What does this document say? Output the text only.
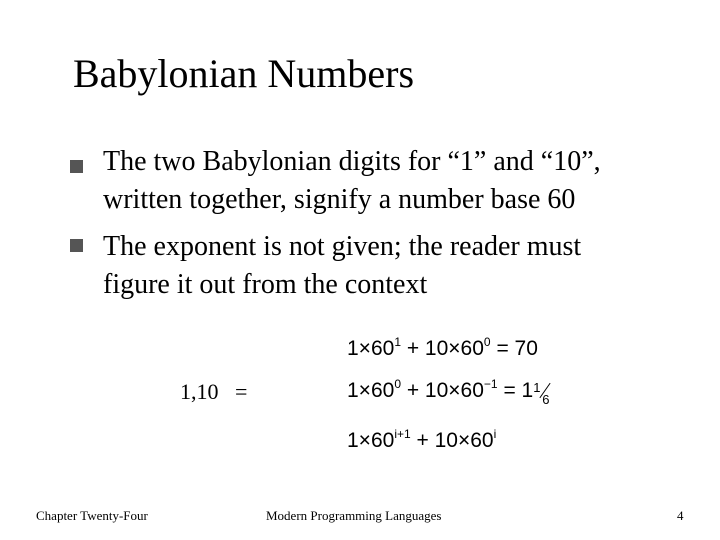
Babylonian Numbers
The two Babylonian digits for “1” and “10”,
written together, signify a number base 60
The exponent is not given; the reader must
figure it out from the context
1,10   =
$1\times 60^1 + 10\times 60^0 = 70$
$1\times 60^0 + 10\times 60^{-1} = 1$ 1
6
$1\times 60^{i+1} + 10\times 60^i$
Chapter Twenty-Four	Modern Programming Languages	4
